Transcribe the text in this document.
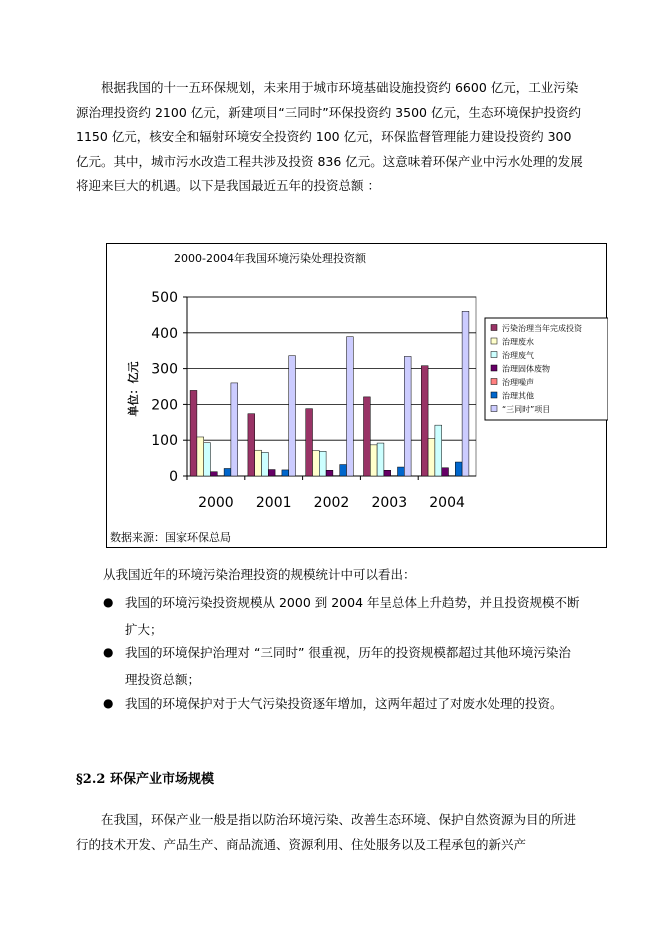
根据我国的十一五环保规划，未来用于城市环境基础设施投资约 6600 亿元，工业污染源治理投资约 2100 亿元，新建项目“三同时”环保投资约 3500 亿元，生态环境保护投资约 1150 亿元，核安全和辐射环境安全投资约 100 亿元，环保监督管理能力建设投资约 300 亿元。其中，城市污水改造工程共涉及投资 836 亿元。这意味着环保产业中污水处理的发展将迎来巨大的机遇。以下是我国最近五年的投资总额 ：

2000-2004年我国环境污染处理投资额
0
100
200
300
400
500
单位：亿元
2000 2001 2002 2003 2004
污染治理当年完成投资
治理废水
治理废气
治理固体废物
治理噪声
治理其他
“三同时”项目
数据来源：国家环保总局
从我国近年的环境污染治理投资的规模统计中可以看出：
● 我国的环境污染投资规模从 2000 到 2004 年呈总体上升趋势，并且投资规模不断扩大；
● 我国的环境保护治理对 “三同时” 很重视，历年的投资规模都超过其他环境污染治理投资总额；
● 我国的环境保护对于大气污染投资逐年增加，这两年超过了对废水处理的投资。
§2.2 环保产业市场规模

在我国，环保产业一般是指以防治环境污染、改善生态环境、保护自然资源为目的所进行的技术开发、产品生产、商品流通、资源利用、住处服务以及工程承包的新兴产
